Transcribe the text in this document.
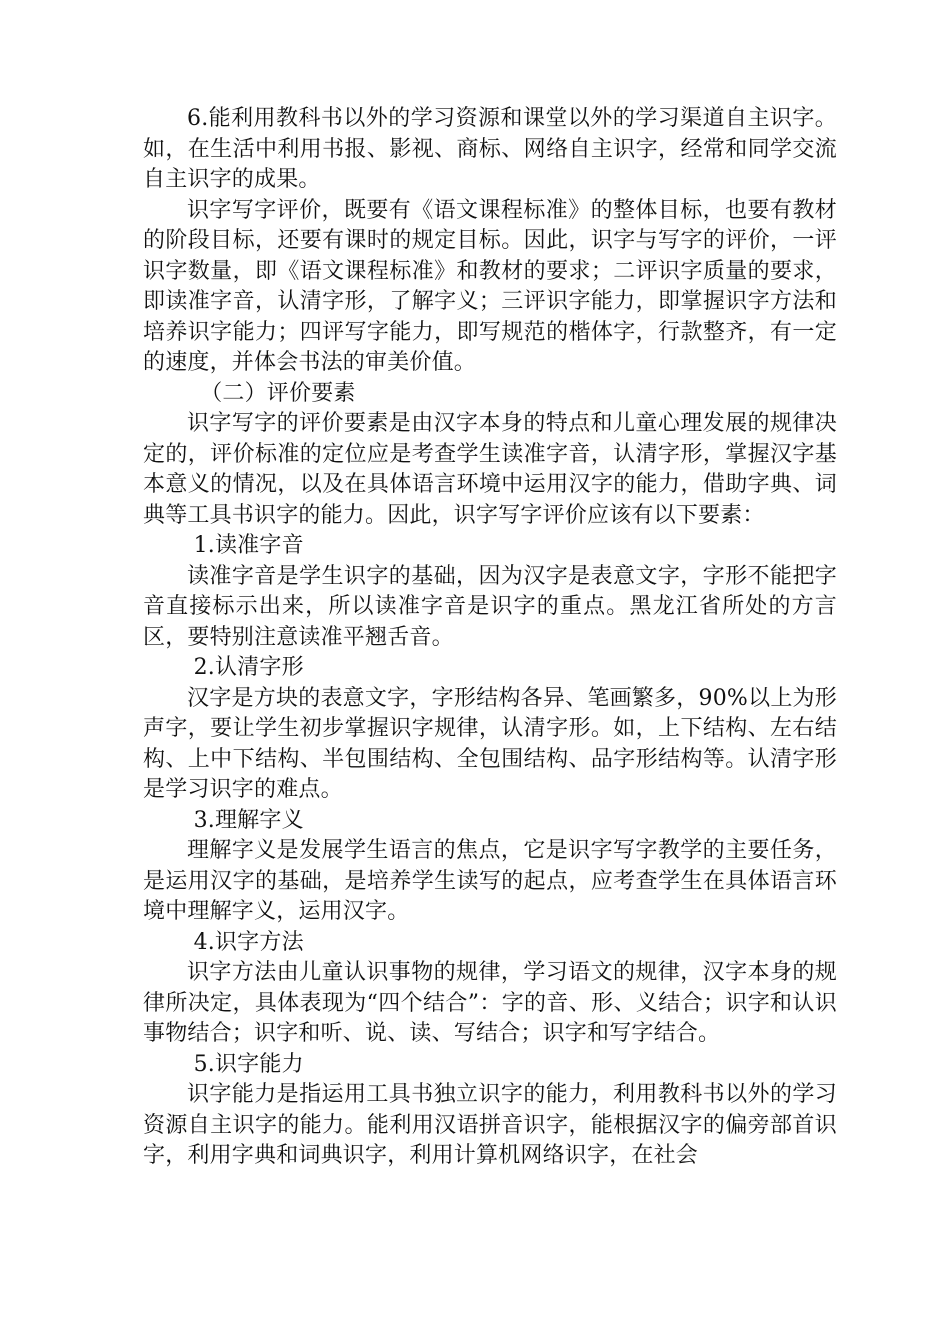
6.能利用教科书以外的学习资源和课堂以外的学习渠道自主识字。如，在生活中利用书报、影视、商标、网络自主识字，经常和同学交流自主识字的成果。

识字写字评价，既要有《语文课程标准》的整体目标，也要有教材的阶段目标，还要有课时的规定目标。因此，识字与写字的评价，一评识字数量，即《语文课程标准》和教材的要求；二评识字质量的要求，即读准字音，认清字形，了解字义；三评识字能力，即掌握识字方法和培养识字能力；四评写字能力，即写规范的楷体字，行款整齐，有一定的速度，并体会书法的审美价值。

（二）评价要素

识字写字的评价要素是由汉字本身的特点和儿童心理发展的规律决定的，评价标准的定位应是考查学生读准字音，认清字形，掌握汉字基本意义的情况，以及在具体语言环境中运用汉字的能力，借助字典、词典等工具书识字的能力。因此，识字写字评价应该有以下要素：

1.读准字音

读准字音是学生识字的基础，因为汉字是表意文字，字形不能把字音直接标示出来，所以读准字音是识字的重点。黑龙江省所处的方言区，要特别注意读准平翘舌音。

2.认清字形

汉字是方块的表意文字，字形结构各异、笔画繁多，90%以上为形声字，要让学生初步掌握识字规律，认清字形。如，上下结构、左右结构、上中下结构、半包围结构、全包围结构、品字形结构等。认清字形是学习识字的难点。

3.理解字义

理解字义是发展学生语言的焦点，它是识字写字教学的主要任务，是运用汉字的基础，是培养学生读写的起点，应考查学生在具体语言环境中理解字义，运用汉字。

4.识字方法

识字方法由儿童认识事物的规律，学习语文的规律，汉字本身的规律所决定，具体表现为“四个结合”：字的音、形、义结合；识字和认识事物结合；识字和听、说、读、写结合；识字和写字结合。

5.识字能力

识字能力是指运用工具书独立识字的能力，利用教科书以外的学习资源自主识字的能力。能利用汉语拼音识字，能根据汉字的偏旁部首识字，利用字典和词典识字，利用计算机网络识字，在社会
